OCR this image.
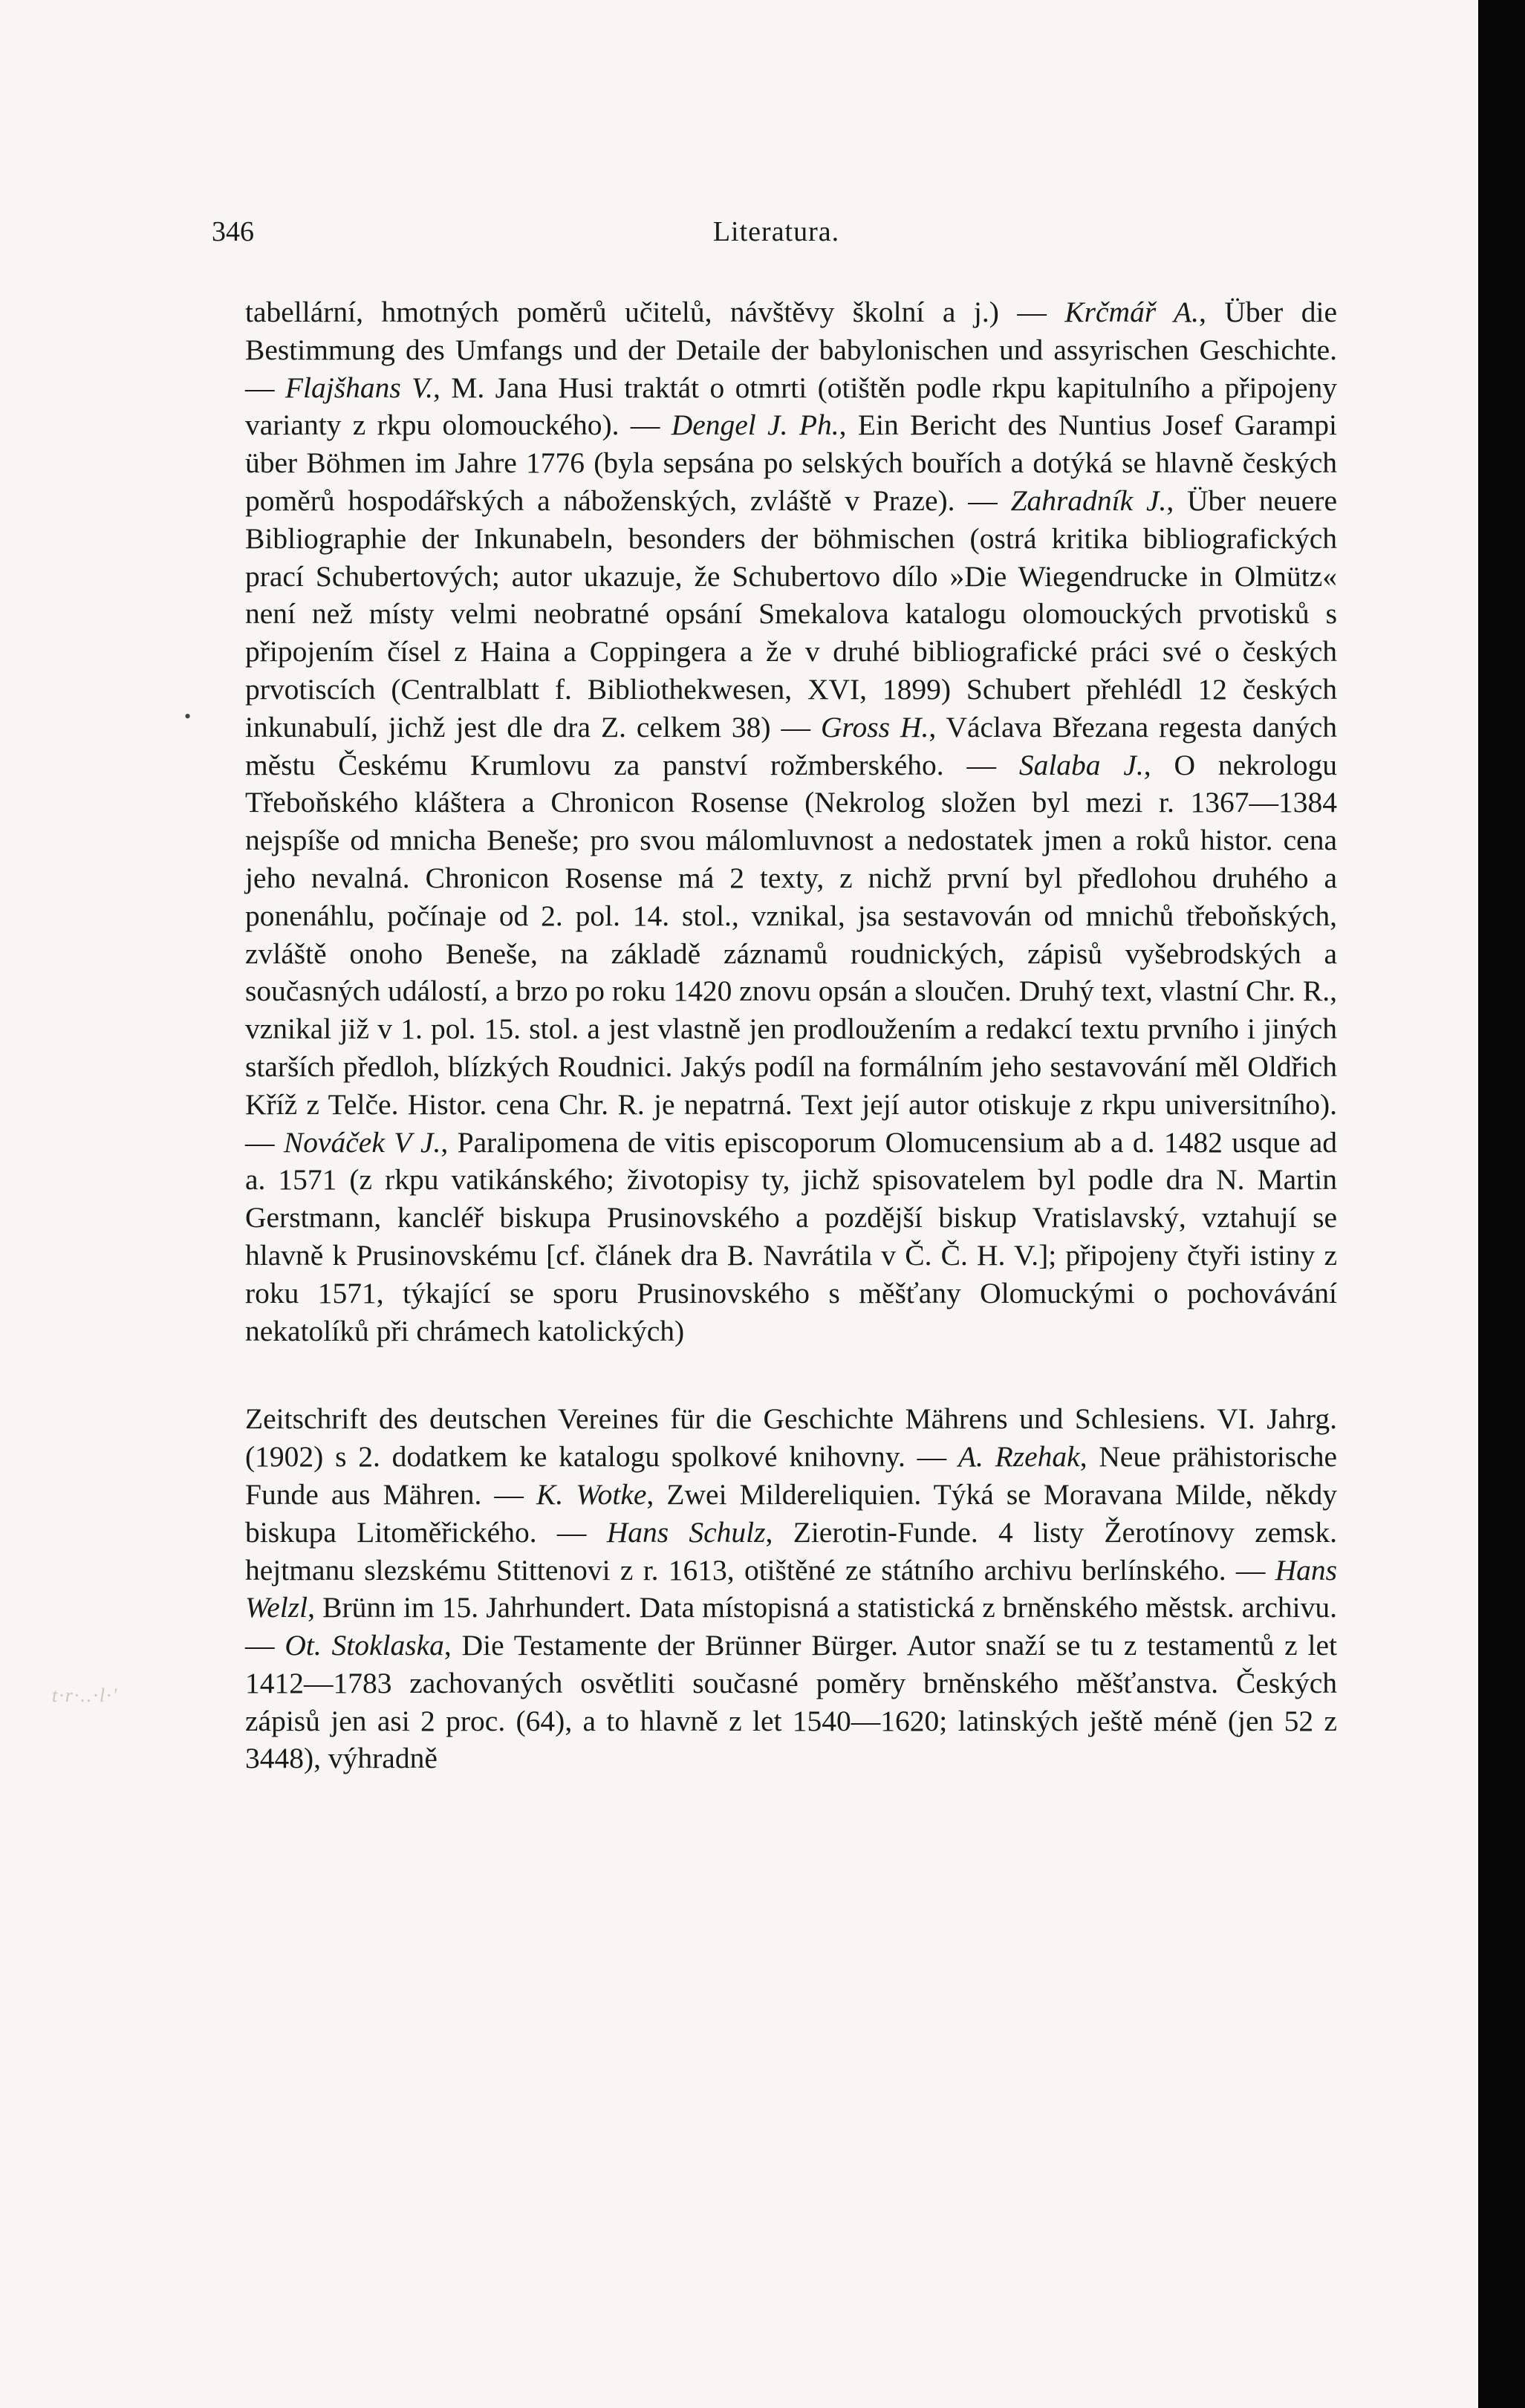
346	Literatura.
•
t·r·..·l·'

tabellární, hmotných poměrů učitelů, návštěvy školní a j.) — Krčmář A., Über die Bestimmung des Umfangs und der Detaile der babylonischen und assyrischen Geschichte. — Flajšhans V., M. Jana Husi traktát o otmrti (otištěn podle rkpu kapitulního a připojeny varianty z rkpu olomouckého). — Dengel J. Ph., Ein Bericht des Nuntius Josef Garampi über Böhmen im Jahre 1776 (byla sepsána po selských bouřích a dotýká se hlavně českých poměrů hospodářských a náboženských, zvláště v Praze). — Zahradník J., Über neuere Bibliographie der Inkunabeln, besonders der böhmischen (ostrá kritika bibliografických prací Schubertových; autor ukazuje, že Schubertovo dílo »Die Wiegendrucke in Olmütz« není než místy velmi neobratné opsání Smekalova katalogu olomouckých prvotisků s připojením čísel z Haina a Coppingera a že v druhé bibliografické práci své o českých prvotiscích (Centralblatt f. Bibliothekwesen, XVI, 1899) Schubert přehlédl 12 českých inkunabulí, jichž jest dle dra Z. celkem 38) — Gross H., Václava Březana regesta daných městu Českému Krumlovu za panství rožmberského. — Salaba J., O nekrologu Třeboňského kláštera a Chronicon Rosense (Nekrolog složen byl mezi r. 1367—1384 nejspíše od mnicha Beneše; pro svou málomluvnost a nedostatek jmen a roků histor. cena jeho nevalná. Chronicon Rosense má 2 texty, z nichž první byl předlohou druhého a ponenáhlu, počínaje od 2. pol. 14. stol., vznikal, jsa sestavován od mnichů třeboňských, zvláště onoho Beneše, na základě záznamů roudnických, zápisů vyšebrodských a současných událostí, a brzo po roku 1420 znovu opsán a sloučen. Druhý text, vlastní Chr. R., vznikal již v 1. pol. 15. stol. a jest vlastně jen prodloužením a redakcí textu prvního i jiných starších předloh, blízkých Roudnici. Jakýs podíl na formálním jeho sestavování měl Oldřich Kříž z Telče. Histor. cena Chr. R. je nepatrná. Text její autor otiskuje z rkpu universitního). — Nováček V J., Paralipomena de vitis episcoporum Olomucensium ab a d. 1482 usque ad a. 1571 (z rkpu vatikánského; životopisy ty, jichž spisovatelem byl podle dra N. Martin Gerstmann, kancléř biskupa Prusinovského a pozdější biskup Vratislavský, vztahují se hlavně k Prusinovskému [cf. článek dra B. Navrátila v Č. Č. H. V.]; připojeny čtyři istiny z roku 1571, týkající se sporu Prusinovského s měšťany Olomuckými o pochovávání nekatolíků při chrámech katolických)

Zeitschrift des deutschen Vereines für die Geschichte Mährens und Schlesiens. VI. Jahrg. (1902) s 2. dodatkem ke katalogu spolkové knihovny. — A. Rzehak, Neue prähistorische Funde aus Mähren. — K. Wotke, Zwei Mildereliquien. Týká se Moravana Milde, někdy biskupa Litoměřického. — Hans Schulz, Zierotin-Funde. 4 listy Žerotínovy zemsk. hejtmanu slezskému Stittenovi z r. 1613, otištěné ze státního archivu berlínského. — Hans Welzl, Brünn im 15. Jahrhundert. Data místopisná a statistická z brněnského městsk. archivu. — Ot. Stoklaska, Die Testamente der Brünner Bürger. Autor snaží se tu z testamentů z let 1412—1783 zachovaných osvětliti současné poměry brněnského měšťanstva. Českých zápisů jen asi 2 proc. (64), a to hlavně z let 1540—1620; latinských ještě méně (jen 52 z 3448), výhradně
